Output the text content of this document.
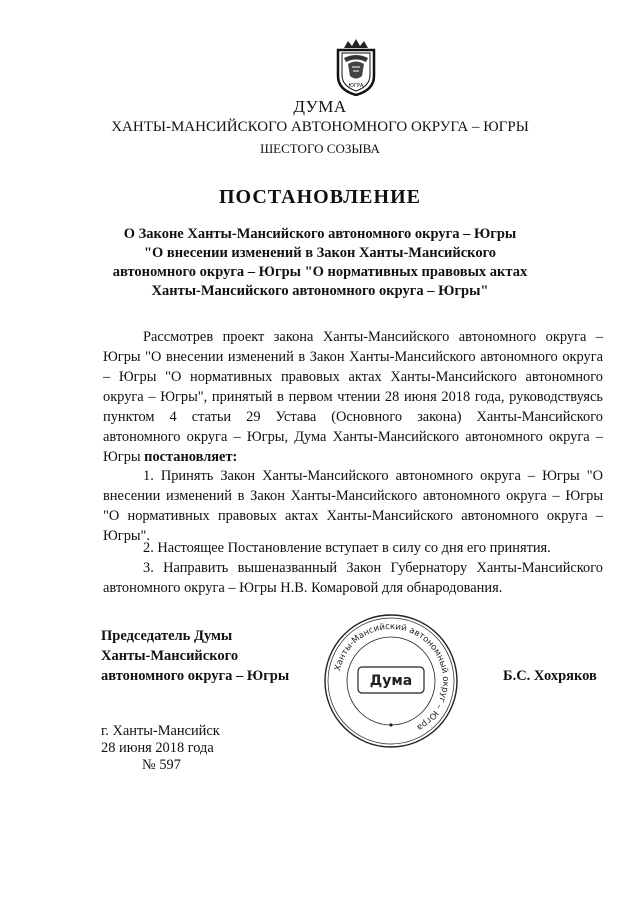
ЮГРА
ДУМА
ХАНТЫ-МАНСИЙСКОГО АВТОНОМНОГО ОКРУГА – ЮГРЫ
ШЕСТОГО СОЗЫВА
ПОСТАНОВЛЕНИЕ
О Законе Ханты-Мансийского автономного округа – Югры
"О внесении изменений в Закон Ханты-Мансийского
автономного округа – Югры "О нормативных правовых актах
Ханты-Мансийского автономного округа – Югры"
Рассмотрев проект закона Ханты-Мансийского автономного округа – Югры "О внесении изменений в Закон Ханты-Мансийского автономного округа – Югры "О нормативных правовых актах Ханты-Мансийского автономного округа – Югры", принятый в первом чтении 28 июня 2018 года, руководствуясь пунктом 4 статьи 29 Устава (Основного закона) Ханты-Мансийского автономного округа – Югры, Дума Ханты-Мансийского автономного округа – Югры постановляет:
1. Принять Закон Ханты-Мансийского автономного округа – Югры "О внесении изменений в Закон Ханты-Мансийского автономного округа – Югры "О нормативных правовых актах Ханты-Мансийского автономного округа – Югры".
2. Настоящее Постановление вступает в силу со дня его принятия.
3. Направить вышеназванный Закон Губернатору Ханты-Мансийского автономного округа – Югры Н.В. Комаровой для обнародования.
Председатель Думы
Ханты-Мансийского
автономного округа – Югры	Б.С. Хохряков
Ханты-Мансийский автономный округ – Югра
Дума
г. Ханты-Мансийск
28 июня 2018 года
№ 597
